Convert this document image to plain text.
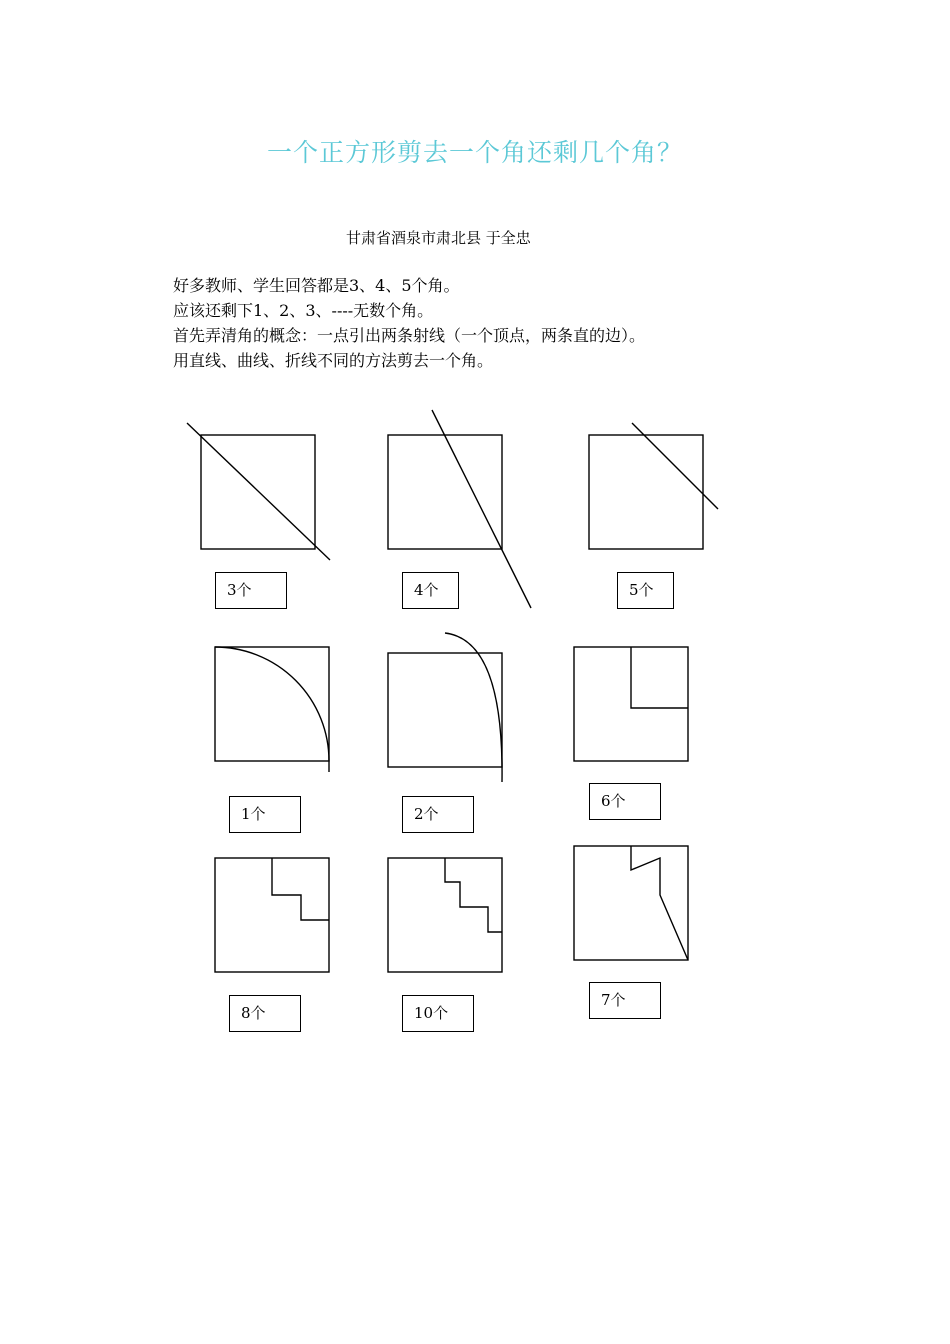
一个正方形剪去一个角还剩几个角？
甘肃省酒泉市肃北县 于全忠
好多教师、学生回答都是3、4、5个角。
应该还剩下1、2、3、----无数个角。
首先弄清角的概念：一点引出两条射线（一个顶点，两条直的边）。
用直线、曲线、折线不同的方法剪去一个角。
3个	4个	5个
1个	2个
6个
8个	10个
7个
